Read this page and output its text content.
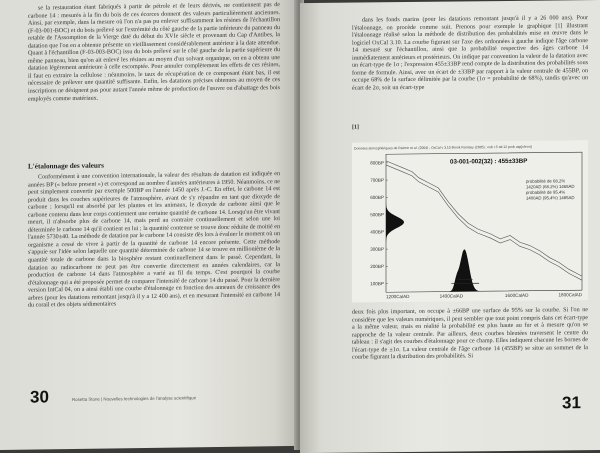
se la restauration étant fabriqués à partir de pétrole et de leurs dérivés, ne contiennent pas de carbone 14 : mesurés à la fin du bois de ces écorces donnent des valeurs particulièrement anciennes. Ainsi, par exemple, dans la mesure où l'on n'a pas pu enlever suffisamment les résines de l'échantillon (F-03-001-BOC) et du bois prélevé sur l'extrémité du côté gauche de la partie inférieure du panneau du retable de l'Assomption de la Vierge daté du début du XVIe siècle et provenant du Cap d'Antibes, la datation que l'on en a obtenue présente un vieillissement considérablement antérieur à la date attendue. Quant à l'échantillon (F-03-003-BOC) issu du bois prélevé sur le côté gauche de la partie supérieure du même panneau, bien qu'on ait enlevé les résines au moyen d'un solvant organique, on en a obtenu une datation légèrement antérieure à celle escomptée. Pour annuler complètement les effets de ces résines, il faut en extraire la cellulose : néanmoins, le taux de récupération de ce composant étant bas, il est nécessaire de prélever une quantité suffisante. Enfin, les datations précises obtenues au moyen de ces inscriptions ne désignent pas pour autant l'année même de production de l'œuvre ou d'abattage des bois employés comme matériaux.

L'étalonnage des valeurs

Conformément à une convention internationale, la valeur des résultats de datation est indiquée en années BP (« before present ») et correspond au nombre d'années antérieures à 1950. Néanmoins, ce ne peut simplement convertir par exemple 500BP en l'année 1450 après J.-C. En effet, le carbone 14 est produit dans les couches supérieures de l'atmosphère, avant de s'y répandre en tant que dioxyde de carbone ; lorsqu'il est absorbé par les plantes et les animaux, le dioxyde de carbone ainsi que le carbone contenu dans leur corps contiennent une certaine quantité de carbone 14. Lorsqu'un être vivant meurt, il n'absorbe plus de carbone 14, mais perd au contraire continuellement et selon une loi déterminée le carbone 14 qu'il contient en lui ; la quantité contenue se trouve donc réduite de moitié en l'année 5730±40. La méthode de datation par le carbone 14 consiste dès lors à évaluer le moment où un organisme a cessé de vivre à partir de la quantité de carbone 14 encore présente. Cette méthode s'appuie sur l'idée selon laquelle une quantité déterminée de carbone 14 se trouve en millionième de la quantité totale de carbone dans la biosphère restant continuellement dans le passé. Cependant, la datation au radiocarbone ne peut pas être convertie directement en années calendaires, car la production de carbone 14 dans l'atmosphère a varié au fil du temps. C'est pourquoi la courbe d'étalonnage qui a été proposée permet de comparer l'intensité de carbone 14 du passé. Pour la dernière version IntCal 04, on a ainsi établi une courbe d'étalonnage en fonction des anneaux de croissance des arbres (pour les datations remontant jusqu'à il y a 12 400 ans), et en mesurant l'intensité en carbone 14 du corail et des objets sédimentaires

30	Rosetta Stone | Nouvelles technologies de l'analyse scientifique

dans les fonds marins (pour les datations remontant jusqu'à il y a 26 000 ans). Pour l'étalonnage, on procède comme suit. Prenons pour exemple le graphique [1] illustrant l'étalonnage réalisé selon la méthode de distribution des probabilités mise en œuvre dans le logiciel OxCal 3.10. La courbe figurant sur l'axe des ordonnées à gauche indique l'âge carbone 14 mesuré sur l'échantillon, ainsi que la probabilité respective des âges carbone 14 immédiatement antérieurs et postérieurs. On indique par convention la valeur de la datation avec un écart-type de 1σ ; l'expression 455±33BP rend compte de la distribution des probabilités sous forme de formule. Ainsi, avec un écart de ±33BP par rapport à la valeur centrale de 455BP, on occupe 68% de la surface délimitée par la courbe (1σ = probabilité de 68%), tandis qu'avec un écart de 2σ, soit un écart-type

[1]
Données atmosphériques de Reimer et al. (2004) ; OxCal v 3.10 Bronk Ramsey (2005) ; cub r:5 sd:12 prob usp[chron]
03-001-002(32) : 455±33BP
800BP
700BP
600BP
500BP
400BP
300BP
200BP
100BP
1200CalAD	1400CalAD	1600CalAD	1800CalAD
probabilité de 68,2%
1420AD (68,2%) 1465AD
probabilité de 95,4%
1400AD (95,4%) 1485AD

deux fois plus important, on occupe à ±66BP une surface de 95% sur la courbe. Si l'on ne considère que les valeurs numériques, il peut sembler que tout point compris dans cet écart-type a la même valeur, mais en réalité la probabilité est plus haute au fur et à mesure qu'on se rapproche de la valeur centrale. Par ailleurs, deux courbes bleutées traversent le centre du tableau : il s'agit des courbes d'étalonnage pour ce champ. Elles indiquent chacune les bornes de l'écart-type de ±1σ. La valeur centrale de l'âge carbone 14 (455BP) se situe au sommet de la courbe figurant la distribution des probabilités. Si

31
